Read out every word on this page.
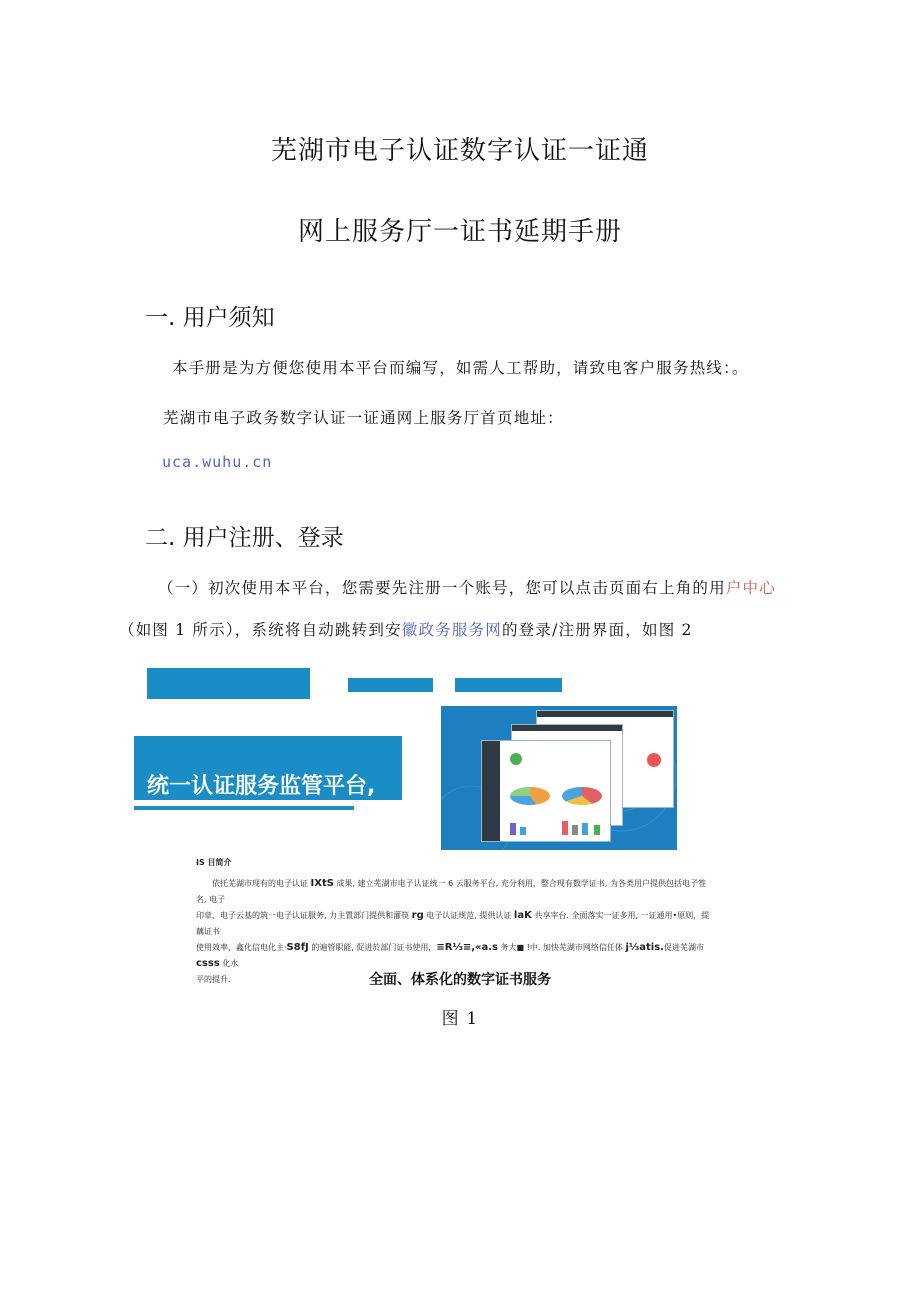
芜湖市电子认证数字认证一证通
网上服务厅一证书延期手册
一. 用户须知
本手册是为方便您使用本平台而编写，如需人工帮助，请致电客户服务热线：。
芜湖市电子政务数字认证一证通网上服务厅首页地址：
uca.wuhu.cn
二. 用户注册、登录
（一）初次使用本平台，您需要先注册一个账号，您可以点击页面右上角的用户中心
（如图 1 所示），系统将自动跳转到安徽政务服务网的登录/注册界面，如图 2
统一认证服务监管平台,
IS 目简介
依托芜湖市现有的电子认证 IXtS 成果, 建立芜湖市电子认证统一 6 云服务平台, 充分利用，整合现有数学证书, 为各类用户提供包括电子签名, 电子
印章、电子云基的筑一电子认证服务, 力主置部门提供和灌筷 rg 电子认证规范, 提供认证 laK 共享宰台. 全面落实一证多用, 一证通用•原则，提藕证书
使用效率，鑫化信电化主·S8fJ 的遍管职能, 促进於部门证书使用，≡R⅓≡,«a.s 务大■ !中. 加快芜湖市网络信任体 j⅓atis.促进芜湖市 csss 化水
平的提升.	全面、体系化的数字证书服务
图 1
